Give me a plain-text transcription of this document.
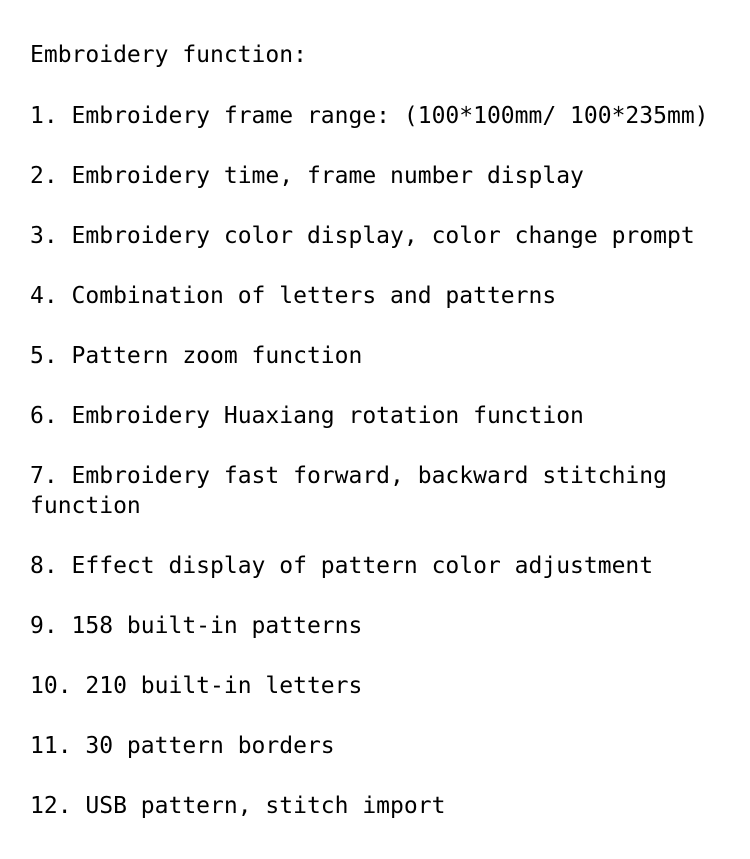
Embroidery function:
1. Embroidery frame range: (100*100mm/ 100*235mm)
2. Embroidery time, frame number display
3. Embroidery color display, color change prompt
4. Combination of letters and patterns
5. Pattern zoom function
6. Embroidery Huaxiang rotation function
7. Embroidery fast forward, backward stitching function
8. Effect display of pattern color adjustment
9. 158 built-in patterns
10. 210 built-in letters
11. 30 pattern borders
12. USB pattern, stitch import
